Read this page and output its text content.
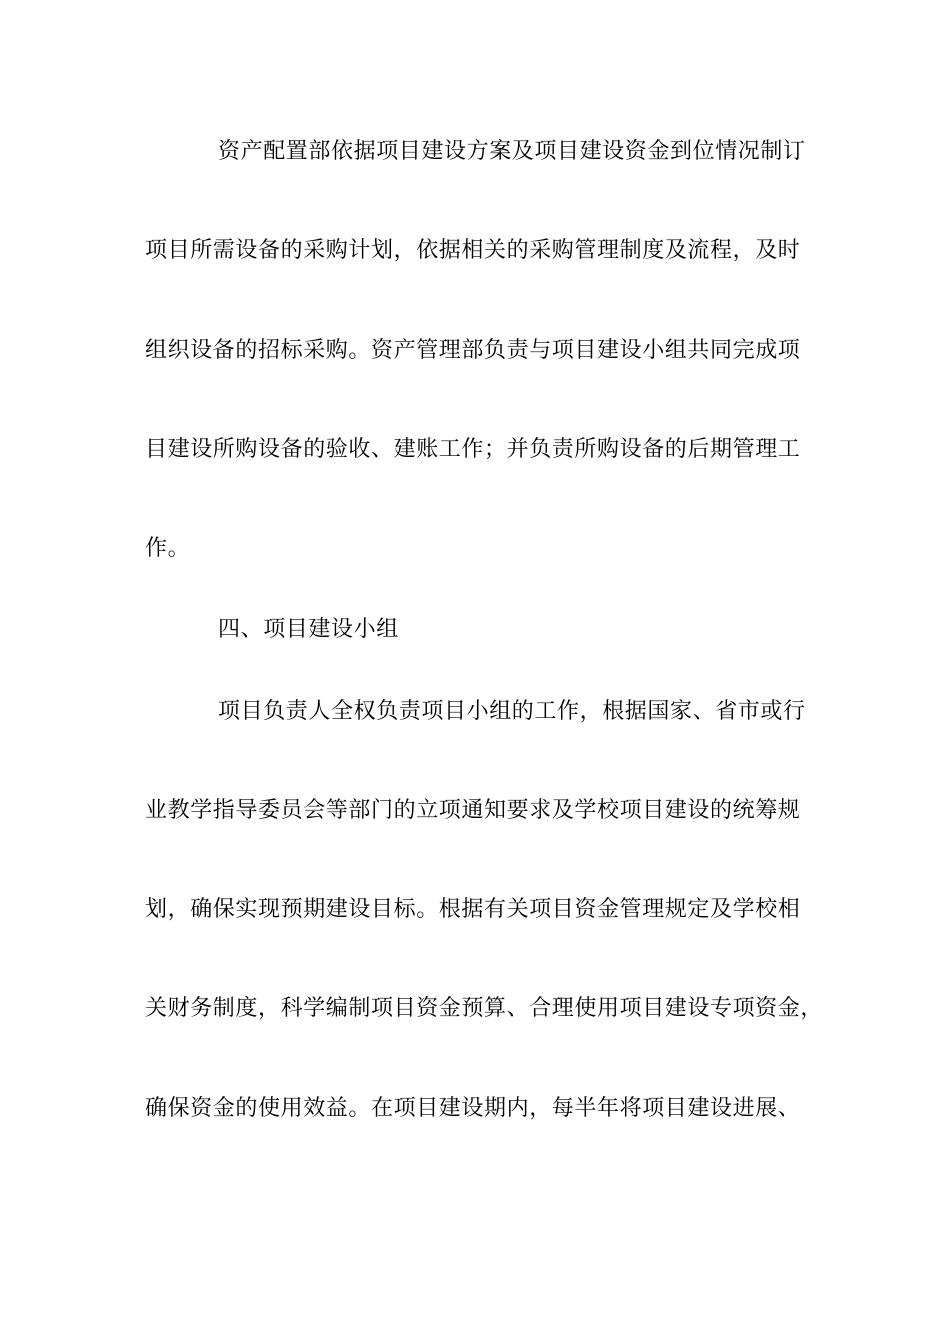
资产配置部依据项目建设方案及项目建设资金到位情况制订
项目所需设备的采购计划，依据相关的采购管理制度及流程，及时
组织设备的招标采购。资产管理部负责与项目建设小组共同完成项
目建设所购设备的验收、建账工作；并负责所购设备的后期管理工
作。
四、项目建设小组
项目负责人全权负责项目小组的工作，根据国家、省市或行
业教学指导委员会等部门的立项通知要求及学校项目建设的统筹规
划，确保实现预期建设目标。根据有关项目资金管理规定及学校相
关财务制度，科学编制项目资金预算、合理使用项目建设专项资金，
确保资金的使用效益。在项目建设期内，每半年将项目建设进展、
